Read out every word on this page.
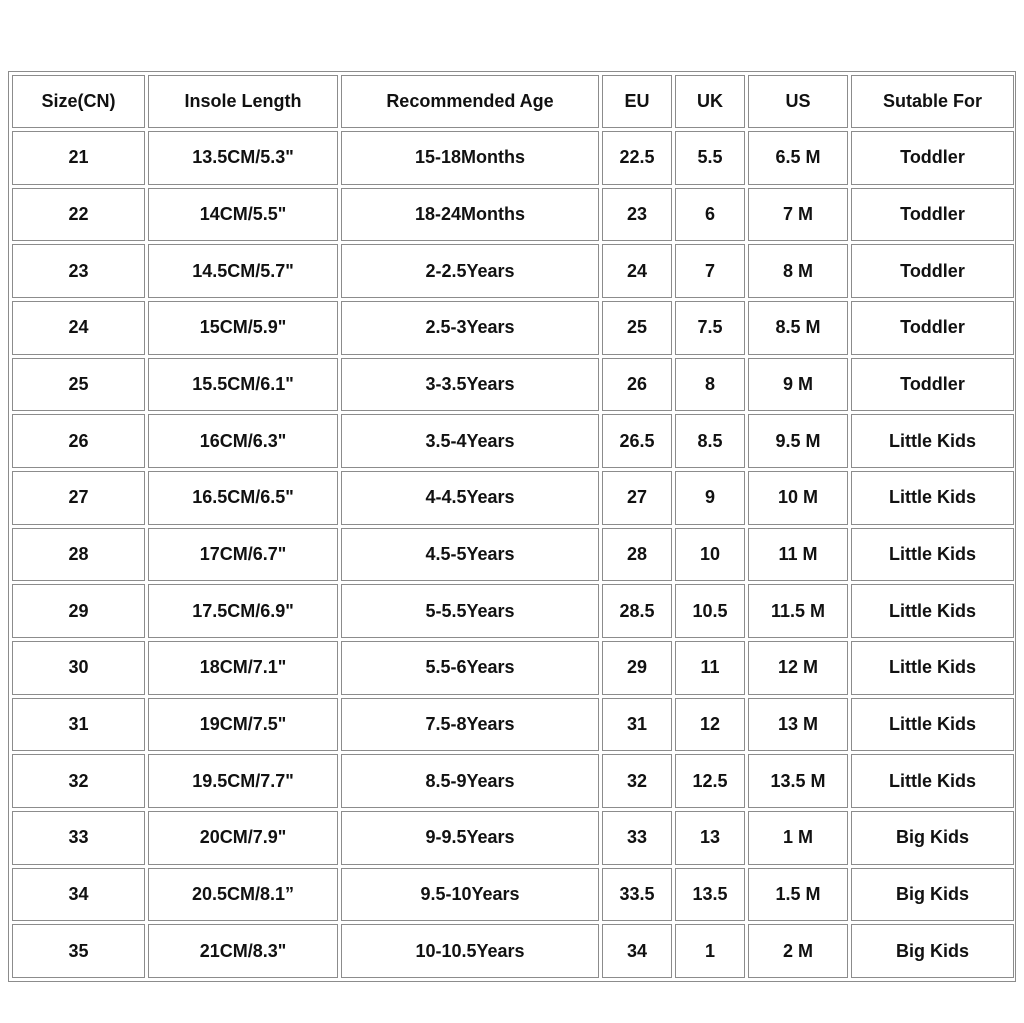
Size(CN)	Insole Length	Recommended Age	EU	UK	US	Sutable For
21	13.5CM/5.3"	15-18Months	22.5	5.5	6.5 M	Toddler
22	14CM/5.5"	18-24Months	23	6	7 M	Toddler
23	14.5CM/5.7"	2-2.5Years	24	7	8 M	Toddler
24	15CM/5.9"	2.5-3Years	25	7.5	8.5 M	Toddler
25	15.5CM/6.1"	3-3.5Years	26	8	9 M	Toddler
26	16CM/6.3"	3.5-4Years	26.5	8.5	9.5 M	Little Kids
27	16.5CM/6.5"	4-4.5Years	27	9	10 M	Little Kids
28	17CM/6.7"	4.5-5Years	28	10	11 M	Little Kids
29	17.5CM/6.9"	5-5.5Years	28.5	10.5	11.5 M	Little Kids
30	18CM/7.1"	5.5-6Years	29	11	12 M	Little Kids
31	19CM/7.5"	7.5-8Years	31	12	13 M	Little Kids
32	19.5CM/7.7"	8.5-9Years	32	12.5	13.5 M	Little Kids
33	20CM/7.9"	9-9.5Years	33	13	1 M	Big Kids
34	20.5CM/8.1”	9.5-10Years	33.5	13.5	1.5 M	Big Kids
35	21CM/8.3"	10-10.5Years	34	1	2 M	Big Kids
